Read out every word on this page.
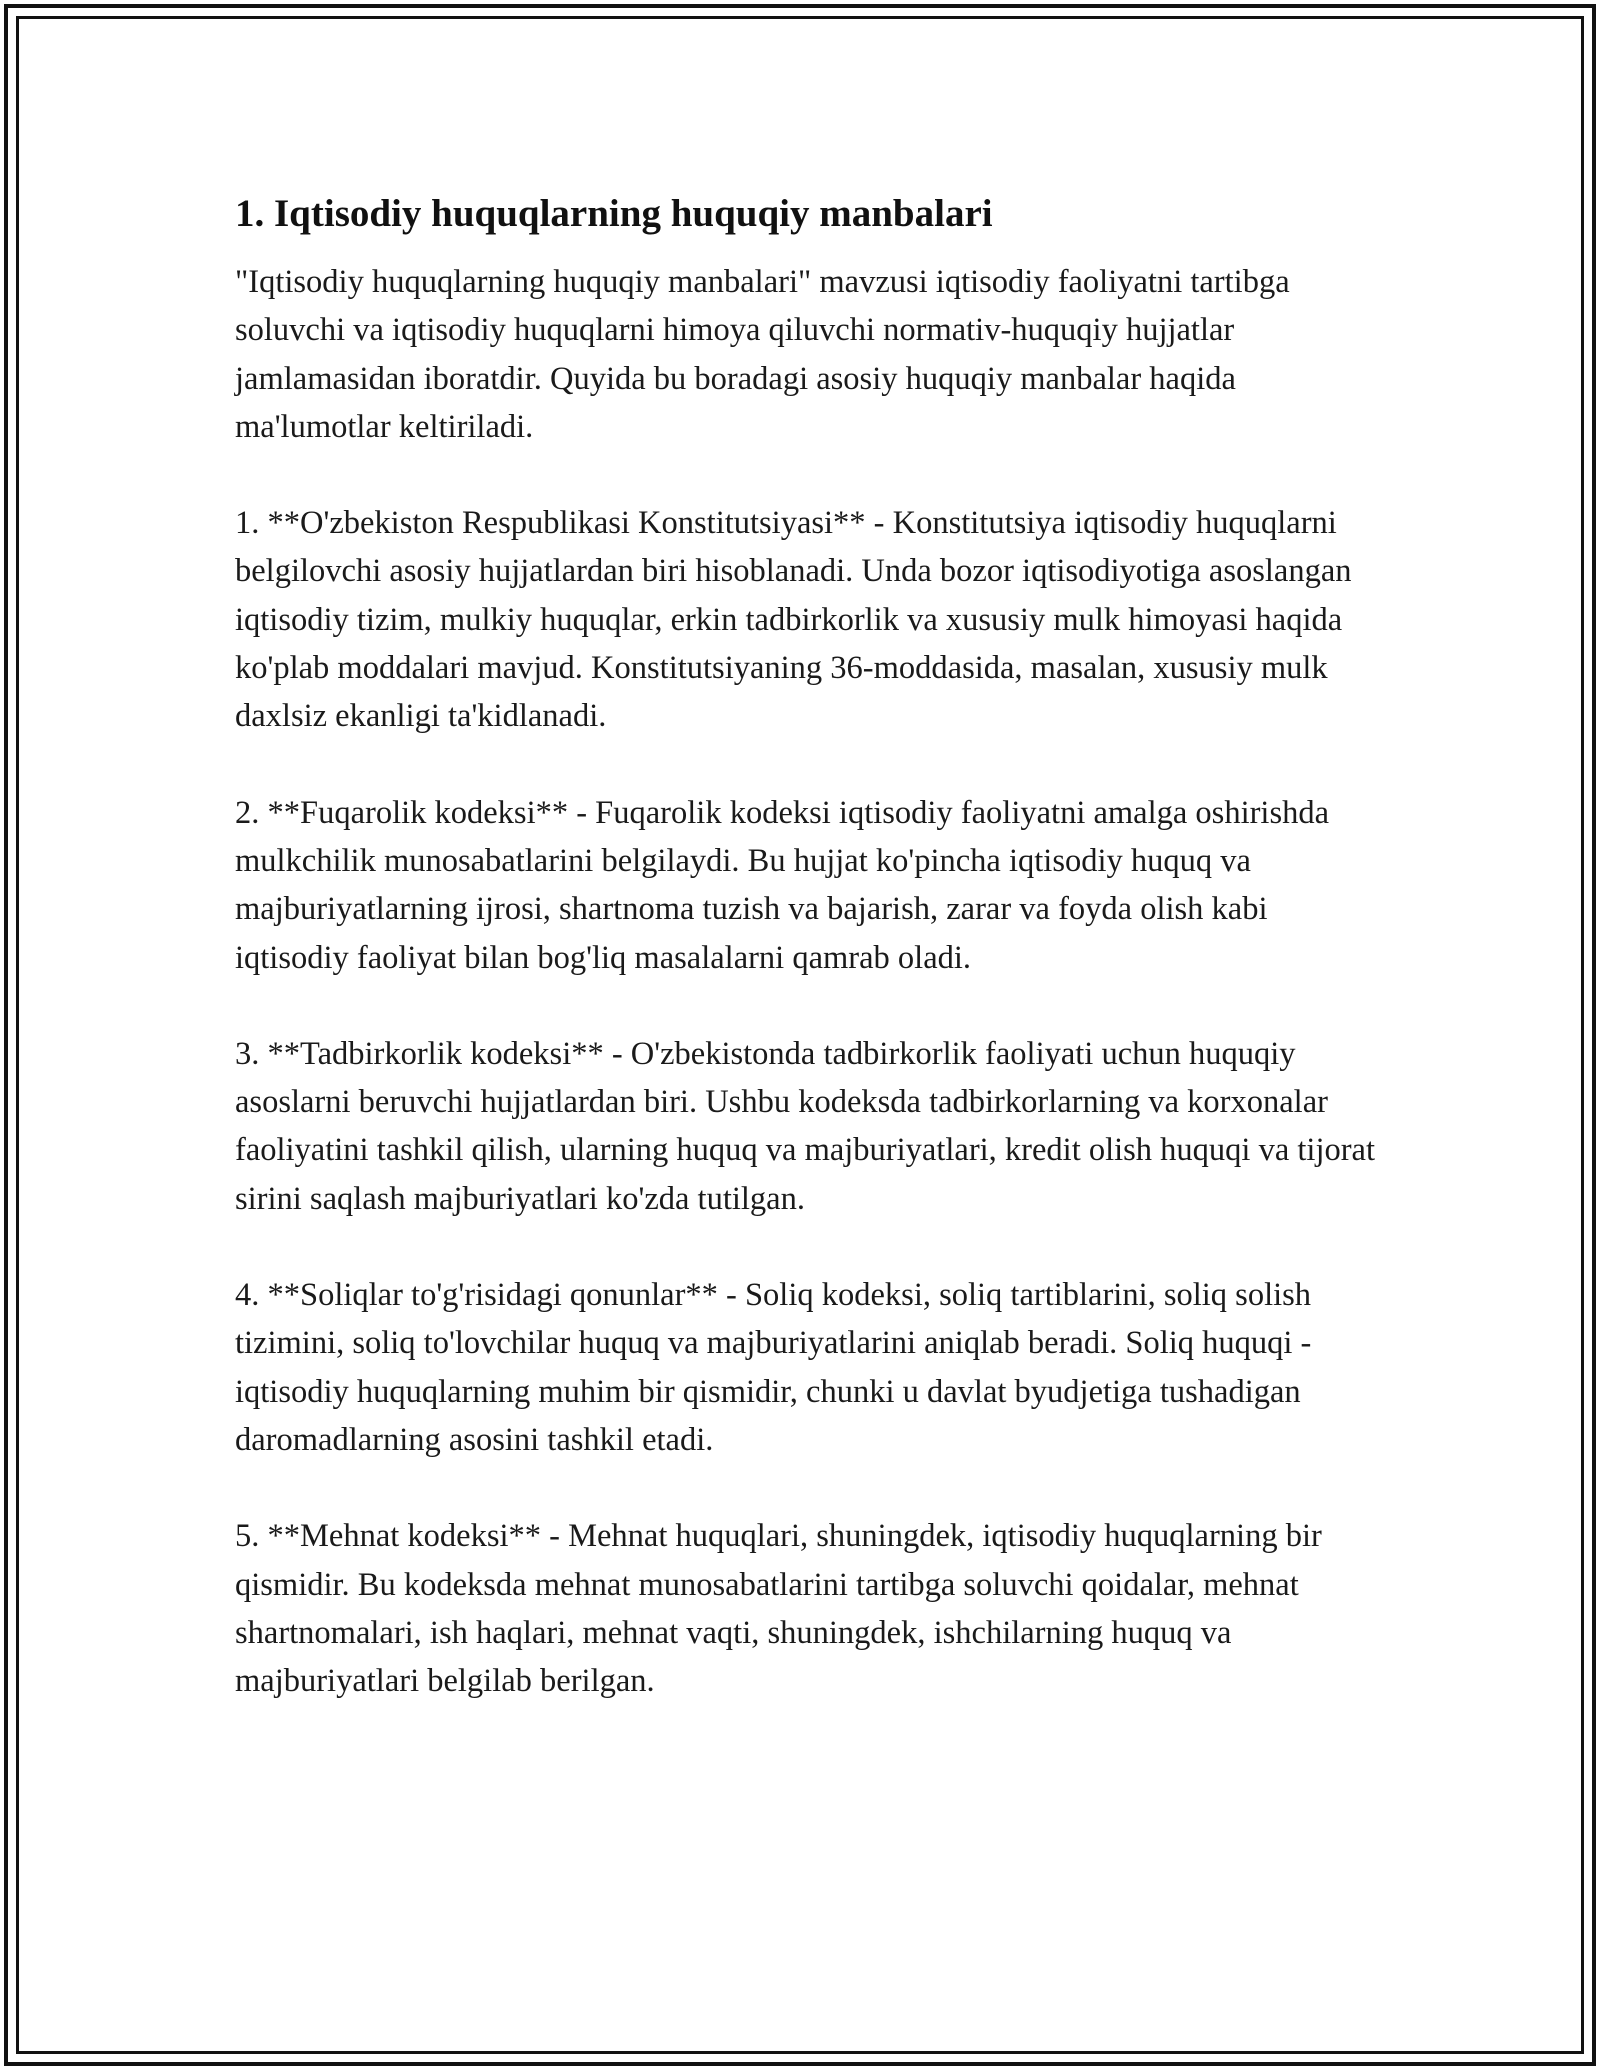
1. Iqtisodiy huquqlarning huquqiy manbalari

"Iqtisodiy huquqlarning huquqiy manbalari" mavzusi iqtisodiy faoliyatni tartibga soluvchi va iqtisodiy huquqlarni himoya qiluvchi normativ-huquqiy hujjatlar jamlamasidan iboratdir. Quyida bu boradagi asosiy huquqiy manbalar haqida ma'lumotlar keltiriladi.

1. **O'zbekiston Respublikasi Konstitutsiyasi** - Konstitutsiya iqtisodiy huquqlarni belgilovchi asosiy hujjatlardan biri hisoblanadi. Unda bozor iqtisodiyotiga asoslangan iqtisodiy tizim, mulkiy huquqlar, erkin tadbirkorlik va xususiy mulk himoyasi haqida ko'plab moddalari mavjud. Konstitutsiyaning 36-moddasida, masalan, xususiy mulk daxlsiz ekanligi ta'kidlanadi.

2. **Fuqarolik kodeksi** - Fuqarolik kodeksi iqtisodiy faoliyatni amalga oshirishda mulkchilik munosabatlarini belgilaydi. Bu hujjat ko'pincha iqtisodiy huquq va majburiyatlarning ijrosi, shartnoma tuzish va bajarish, zarar va foyda olish kabi iqtisodiy faoliyat bilan bog'liq masalalarni qamrab oladi.

3. **Tadbirkorlik kodeksi** - O'zbekistonda tadbirkorlik faoliyati uchun huquqiy asoslarni beruvchi hujjatlardan biri. Ushbu kodeksda tadbirkorlarning va korxonalar faoliyatini tashkil qilish, ularning huquq va majburiyatlari, kredit olish huquqi va tijorat sirini saqlash majburiyatlari ko'zda tutilgan.

4. **Soliqlar to'g'risidagi qonunlar** - Soliq kodeksi, soliq tartiblarini, soliq solish tizimini, soliq to'lovchilar huquq va majburiyatlarini aniqlab beradi. Soliq huquqi - iqtisodiy huquqlarning muhim bir qismidir, chunki u davlat byudjetiga tushadigan daromadlarning asosini tashkil etadi.

5. **Mehnat kodeksi** - Mehnat huquqlari, shuningdek, iqtisodiy huquqlarning bir qismidir. Bu kodeksda mehnat munosabatlarini tartibga soluvchi qoidalar, mehnat shartnomalari, ish haqlari, mehnat vaqti, shuningdek, ishchilarning huquq va majburiyatlari belgilab berilgan.
